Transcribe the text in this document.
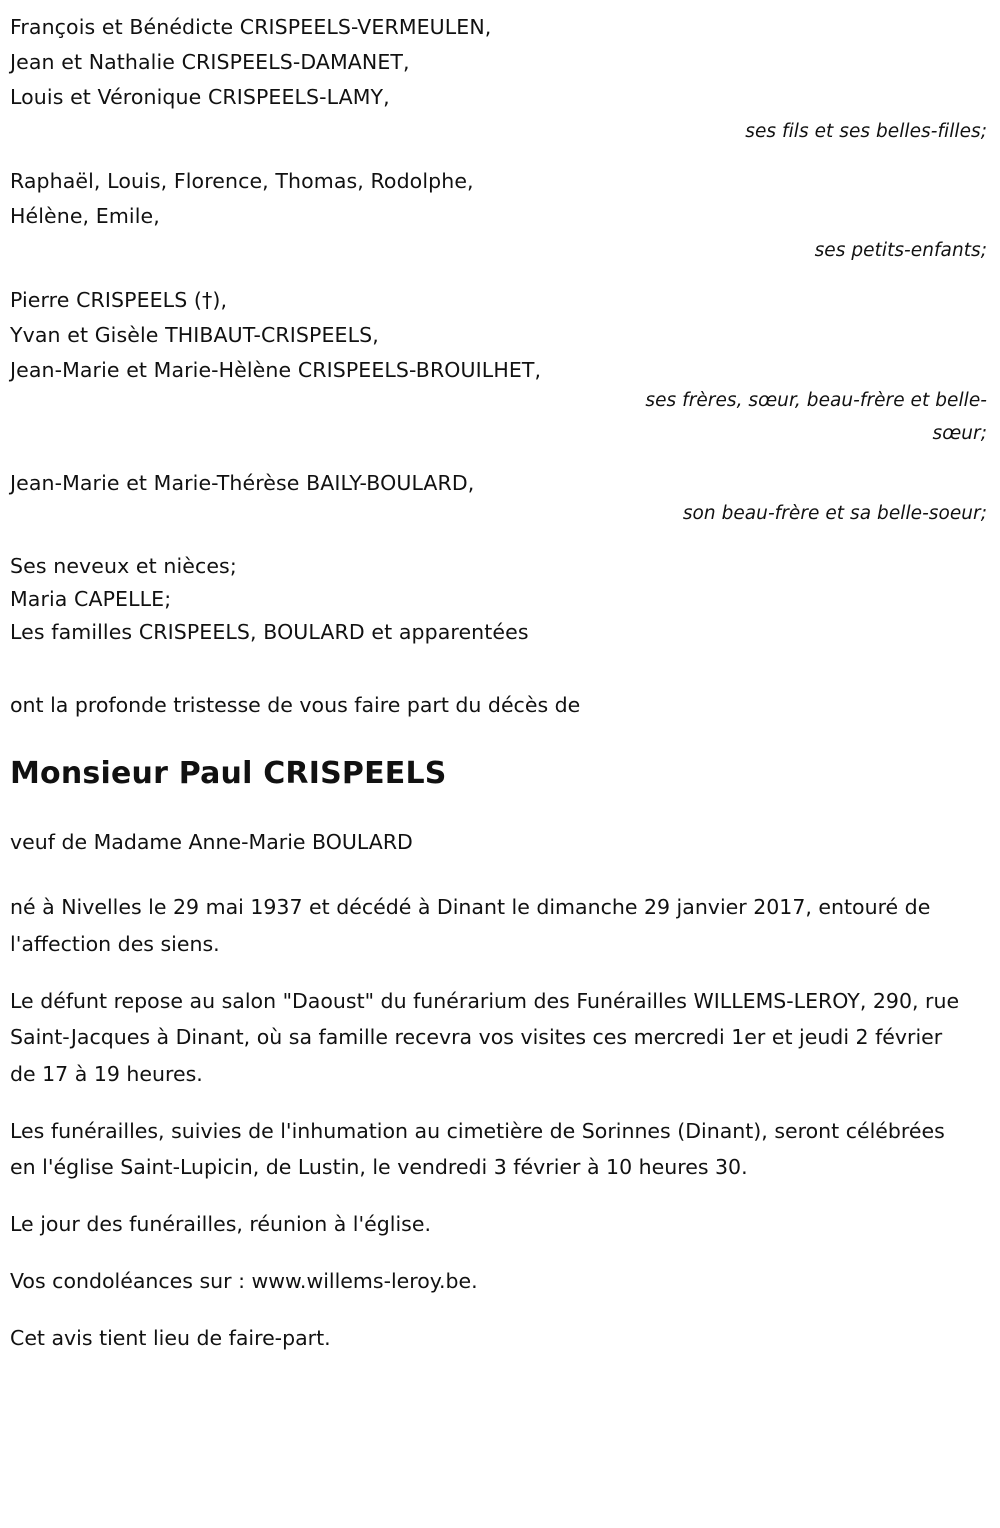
François et Bénédicte CRISPEELS-VERMEULEN,
Jean et Nathalie CRISPEELS-DAMANET,
Louis et Véronique CRISPEELS-LAMY,
ses fils et ses belles-filles;
Raphaël, Louis, Florence, Thomas, Rodolphe,
Hélène, Emile,
ses petits-enfants;
Pierre CRISPEELS (†),
Yvan et Gisèle THIBAUT-CRISPEELS,
Jean-Marie et Marie-Hèlène CRISPEELS-BROUILHET,
ses frères, sœur, beau-frère et belle-sœur;
Jean-Marie et Marie-Thérèse BAILY-BOULARD,
son beau-frère et sa belle-soeur;
Ses neveux et nièces;
Maria CAPELLE;
Les familles CRISPEELS, BOULARD et apparentées
ont la profonde tristesse de vous faire part du décès de
Monsieur Paul CRISPEELS
veuf de Madame Anne-Marie BOULARD

né à Nivelles le 29 mai 1937 et décédé à Dinant le dimanche 29 janvier 2017, entouré de l'affection des siens.

Le défunt repose au salon "Daoust" du funérarium des Funérailles WILLEMS-LEROY, 290, rue Saint-Jacques à Dinant, où sa famille recevra vos visites ces mercredi 1er et jeudi 2 février de 17 à 19 heures.

Les funérailles, suivies de l'inhumation au cimetière de Sorinnes (Dinant), seront célébrées en l'église Saint-Lupicin, de Lustin, le vendredi 3 février à 10 heures 30.

Le jour des funérailles, réunion à l'église.

Vos condoléances sur : www.willems-leroy.be.

Cet avis tient lieu de faire-part.
